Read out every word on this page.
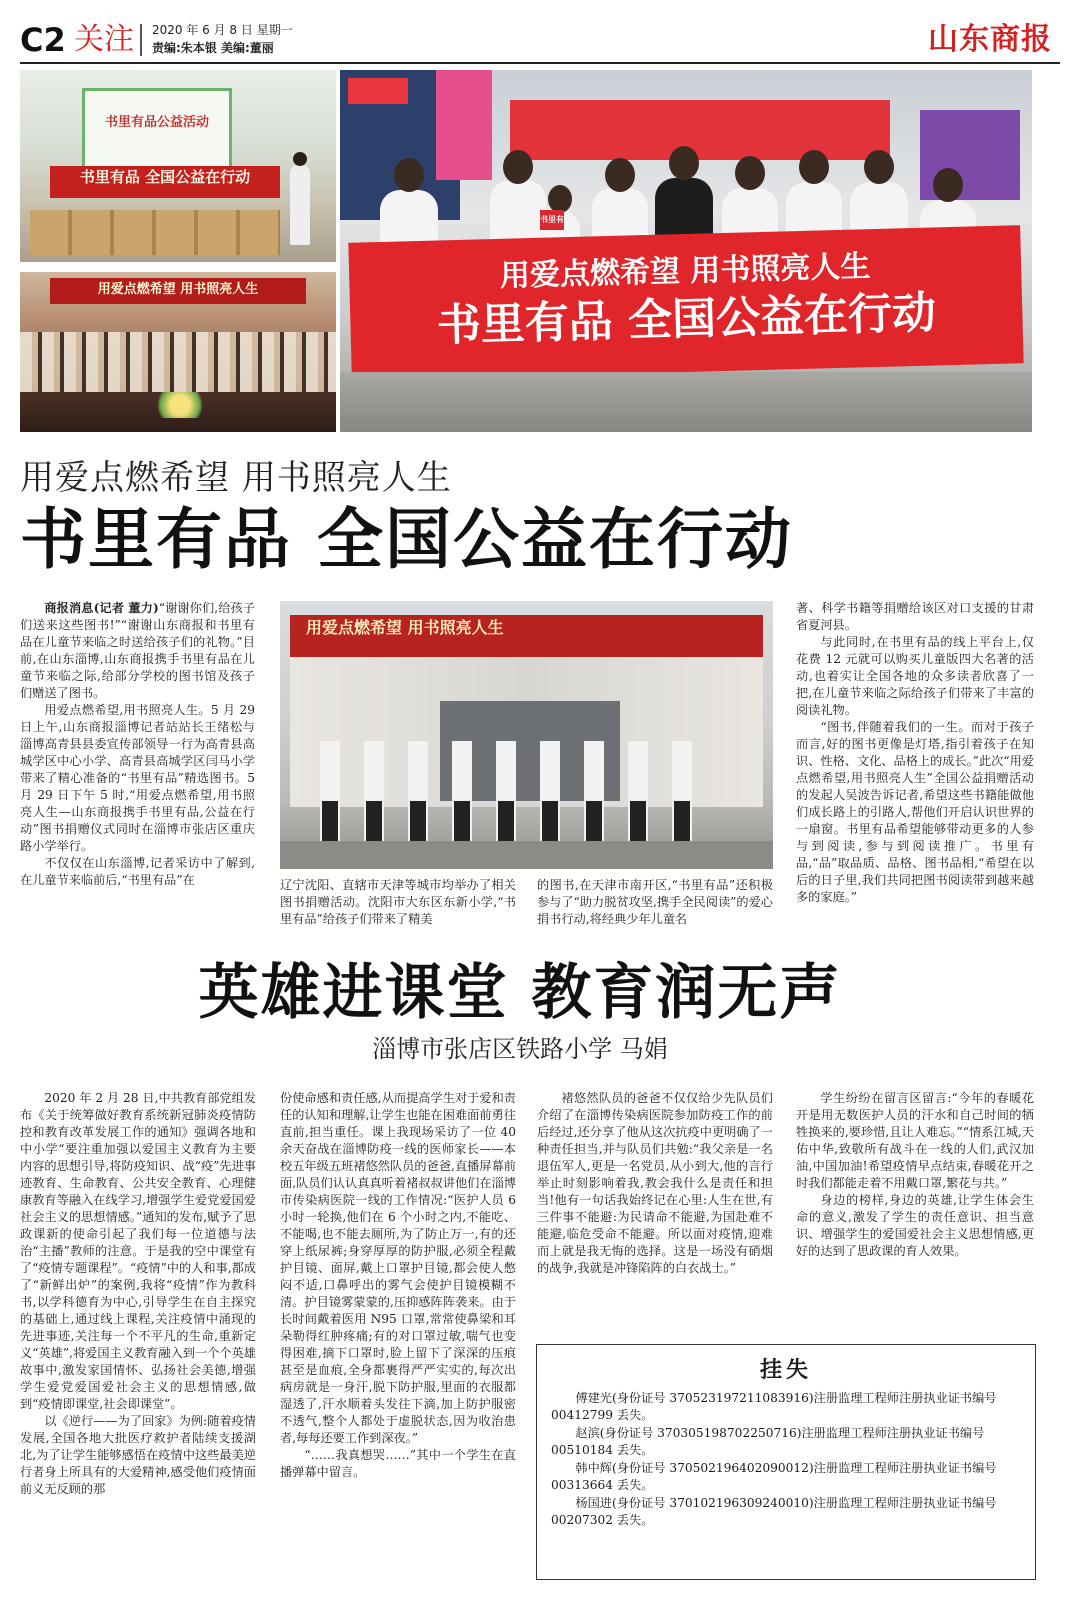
C2 关注 2020 年 6 月 8 日 星期一
责编:朱本银 美编:董丽	山东商报
书里有品公益活动
书里有品 全国公益在行动
用爱点燃希望 用书照亮人生
书里有
用爱点燃希望 用书照亮人生
书里有品 全国公益在行动
用爱点燃希望 用书照亮人生
书里有品 全国公益在行动

商报消息(记者 董力)“谢谢你们,给孩子们送来这些图书!”“谢谢山东商报和书里有品在儿童节来临之时送给孩子们的礼物。”目前,在山东淄博,山东商报携手书里有品在儿童节来临之际,给部分学校的图书馆及孩子们赠送了图书。

用爱点燃希望,用书照亮人生。5 月 29 日上午,山东商报淄博记者站站长王绪松与淄博高青县县委宣传部领导一行为高青县高城学区中心小学、高青县高城学区闫马小学带来了精心准备的“书里有品”精选图书。5 月 29 日下午 5 时,“用爱点燃希望,用书照亮人生—山东商报携手书里有品,公益在行动”图书捐赠仪式同时在淄博市张店区重庆路小学举行。

不仅仅在山东淄博,记者采访中了解到,在儿童节来临前后,“书里有品”在

用爱点燃希望 用书照亮人生

辽宁沈阳、直辖市天津等城市均举办了相关图书捐赠活动。沈阳市大东区东新小学,“书里有品”给孩子们带来了精美

的图书,在天津市南开区,“书里有品”还积极参与了“助力脱贫攻坚,携手全民阅读”的爱心捐书行动,将经典少年儿童名

著、科学书籍等捐赠给该区对口支援的甘肃省夏河县。

与此同时,在书里有品的线上平台上,仅花费 12 元就可以购买儿童版四大名著的活动,也着实让全国各地的众多读者欣喜了一把,在儿童节来临之际给孩子们带来了丰富的阅读礼物。

“图书,伴随着我们的一生。而对于孩子而言,好的图书更像是灯塔,指引着孩子在知识、性格、文化、品格上的成长。”此次“用爱点燃希望,用书照亮人生”全国公益捐赠活动的发起人吴波告诉记者,希望这些书籍能做他们成长路上的引路人,帮他们开启认识世界的一扇窗。书里有品希望能够带动更多的人参与到阅读,参与到阅读推广。书里有品,“品”取品质、品格、图书品相,“希望在以后的日子里,我们共同把图书阅读带到越来越多的家庭。”

英雄进课堂 教育润无声
淄博市张店区铁路小学 马娟

2020 年 2 月 28 日,中共教育部党组发布《关于统筹做好教育系统新冠肺炎疫情防控和教育改革发展工作的通知》强调各地和中小学“要注重加强以爱国主义教育为主要内容的思想引导,将防疫知识、战“疫”先进事迹教育、生命教育、公共安全教育、心理健康教育等融入在线学习,增强学生爱党爱国爱社会主义的思想情感。”通知的发布,赋予了思政课新的使命引起了我们每一位道德与法治“主播”教师的注意。于是我的空中课堂有了“疫情专题课程”。“疫情”中的人和事,都成了“新鲜出炉”的案例,我将“疫情”作为教科书,以学科德育为中心,引导学生在自主探究的基础上,通过线上课程,关注疫情中涌现的先进事迹,关注每一个不平凡的生命,重新定义“英雄”,将爱国主义教育融入到一个个英雄故事中,激发家国情怀、弘扬社会美德,增强学生爱党爱国爱社会主义的思想情感,做到“疫情即课堂,社会即课堂”。

以《逆行——为了回家》为例:随着疫情发展,全国各地大批医疗救护者陆续支援湖北,为了让学生能够感悟在疫情中这些最美逆行者身上所具有的大爱精神,感受他们疫情面前义无反顾的那

份使命感和责任感,从而提高学生对于爱和责任的认知和理解,让学生也能在困难面前勇往直前,担当重任。课上我现场采访了一位 40 余天奋战在淄博防疫一线的医师家长——本校五年级五班褚悠然队员的爸爸,直播屏幕前面,队员们认认真真听着褚叔叔讲他们在淄博市传染病医院一线的工作情况:“医护人员 6 小时一轮换,他们在 6 个小时之内,不能吃、不能喝,也不能去厕所,为了防止万一,有的还穿上纸尿裤;身穿厚厚的防护服,必须全程戴护目镜、面屏,戴上口罩护目镜,都会使人憋闷不适,口鼻呼出的雾气会使护目镜模糊不清。护目镜雾蒙蒙的,压抑感阵阵袭来。由于长时间戴着医用 N95 口罩,常常使鼻梁和耳朵勒得红肿疼痛;有的对口罩过敏,喘气也变得困难,摘下口罩时,脸上留下了深深的压痕甚至是血痕,全身都裹得严严实实的,每次出病房就是一身汗,脱下防护服,里面的衣服都湿透了,汗水顺着头发往下滴,加上防护服密不透气,整个人都处于虚脱状态,因为收治患者,每每还要工作到深夜。”

“……我真想哭……”其中一个学生在直播弹幕中留言。

褚悠然队员的爸爸不仅仅给少先队员们介绍了在淄博传染病医院参加防疫工作的前后经过,还分享了他从这次抗疫中更明确了一种责任担当,并与队员们共勉:“我父亲是一名退伍军人,更是一名党员,从小到大,他的言行举止时刻影响着我,教会我什么是责任和担当!他有一句话我始终记在心里:人生在世,有三件事不能避:为民请命不能避,为国赴难不能避,临危受命不能避。所以面对疫情,迎难而上就是我无悔的选择。这是一场没有硝烟的战争,我就是冲锋陷阵的白衣战士。”

学生纷纷在留言区留言:“今年的春暖花开是用无数医护人员的汗水和自己时间的牺牲换来的,要珍惜,且让人难忘。”“情系江城,天佑中华,致敬所有战斗在一线的人们,武汉加油,中国加油!希望疫情早点结束,春暖花开之时我们都能走着不用戴口罩,繁花与共。”

身边的榜样,身边的英雄,让学生体会生命的意义,激发了学生的责任意识、担当意识、增强学生的爱国爱社会主义思想情感,更好的达到了思政课的育人效果。

挂失
傅建光(身份证号 370523197211083916)注册监理工程师注册执业证书编号 00412799 丢失。
赵滨(身份证号 370305198702250716)注册监理工程师注册执业证书编号 00510184 丢失。
韩中辉(身份证号 370502196402090012)注册监理工程师注册执业证书编号 00313664 丢失。
杨国进(身份证号 370102196309240010)注册监理工程师注册执业证书编号 00207302 丢失。
